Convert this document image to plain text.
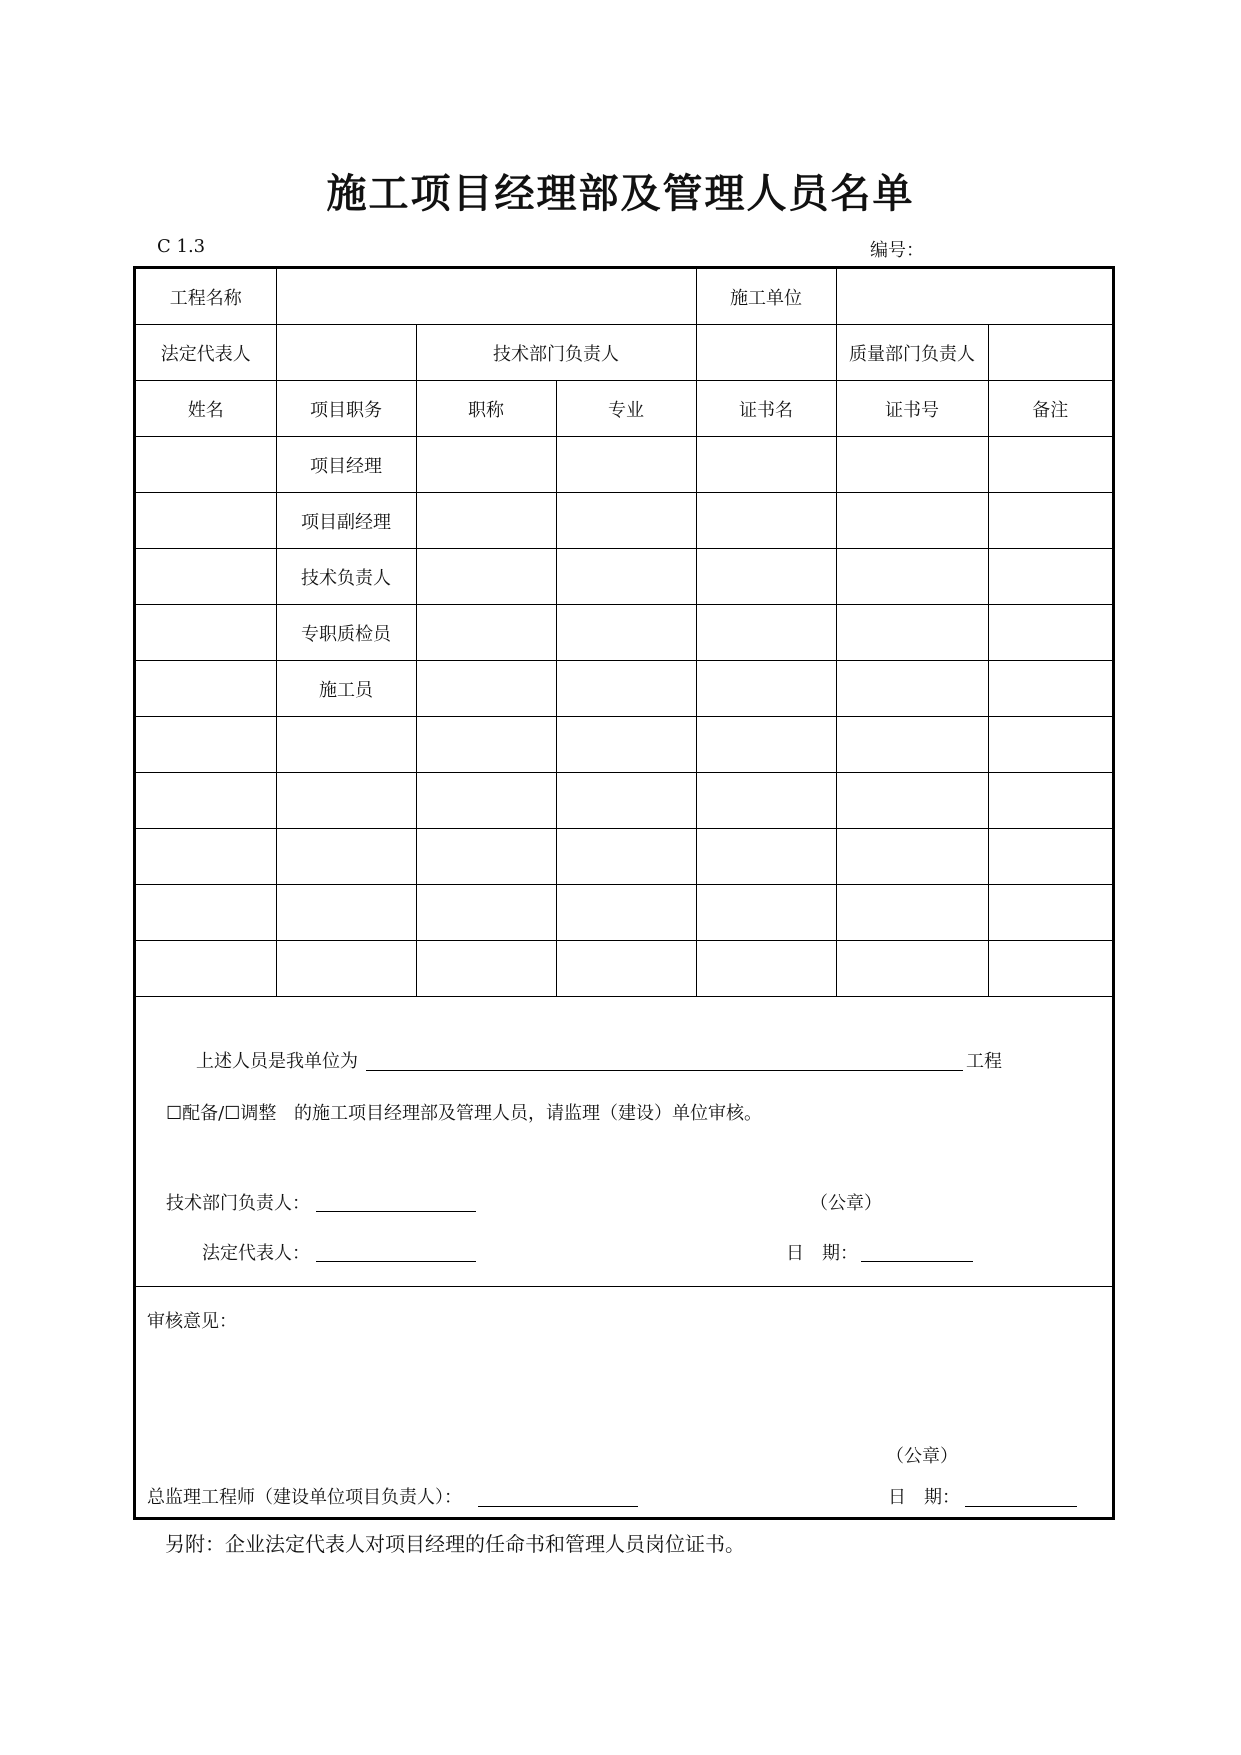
施工项目经理部及管理人员名单
C 1.3	编号：
工程名称				施工单位		
法定代表人		技术部门负责人			质量部门负责人	
姓名	项目职务	职称	专业	证书名	证书号	备注
	项目经理					
	项目副经理					
	技术负责人					
	专职质检员					
	施工员					

上述人员是我单位为	工程
☐配备/☐调整 的施工项目经理部及管理人员，请监理（建设）单位审核。
技术部门负责人：	（公章）
法定代表人：	日　期：
审核意见：
（公章）
总监理工程师（建设单位项目负责人）：	日　期：
另附：企业法定代表人对项目经理的任命书和管理人员岗位证书。
